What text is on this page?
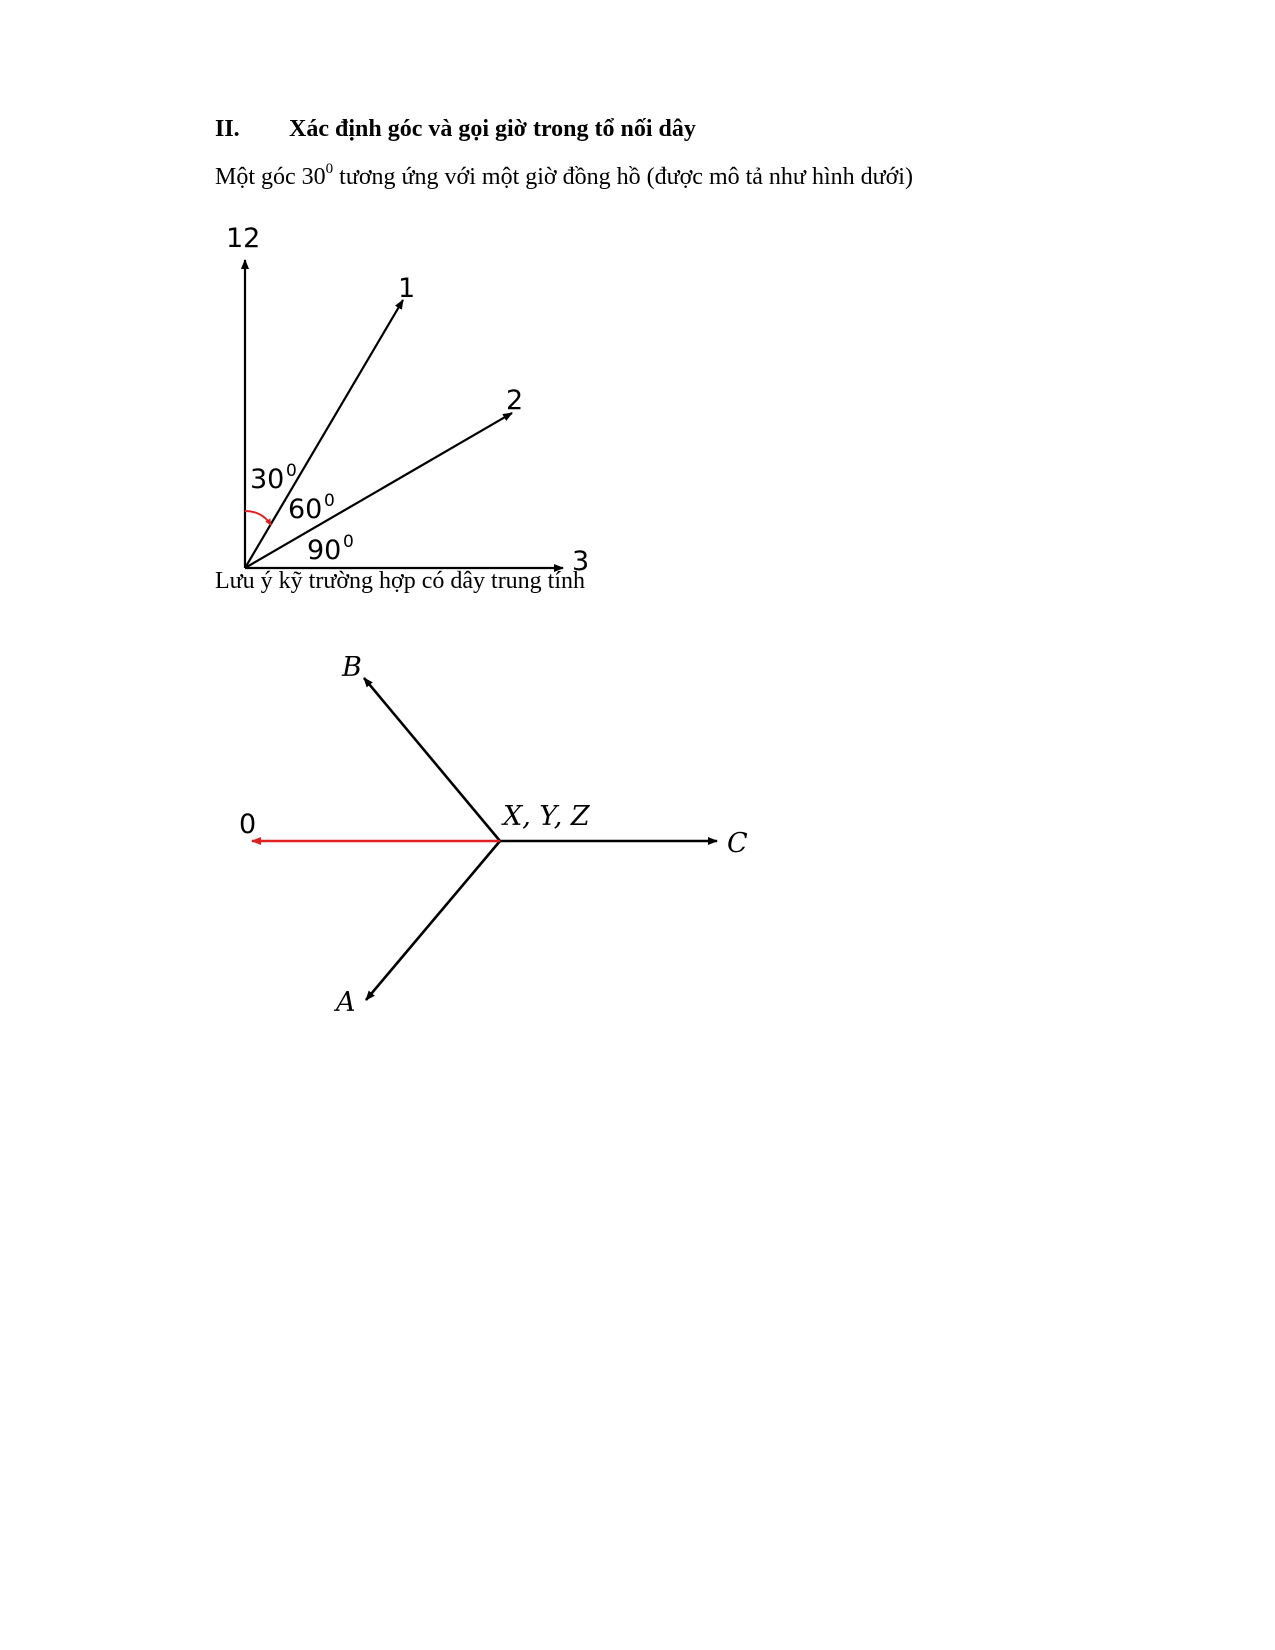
II. Xác định góc và gọi giờ trong tổ nối dây
Một góc $30^0$ tương ứng với một giờ đồng hồ (được mô tả như hình dưới)
Lưu ý kỹ trường hợp có dây trung tính
12
1
2
3
30 0
60 0
90 0
B
A
C
0	X, Y, Z
